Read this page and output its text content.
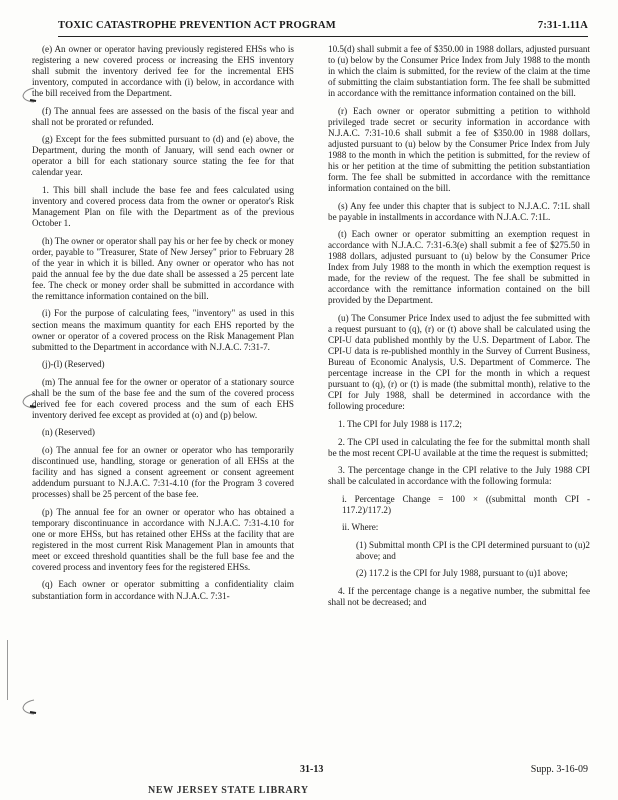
TOXIC CATASTROPHE PREVENTION ACT PROGRAM	7:31-1.11A

(e) An owner or operator having previously registered EHSs who is registering a new covered process or increasing the EHS inventory shall submit the inventory derived fee for the incremental EHS inventory, computed in accordance with (i) below, in accordance with the bill received from the Department.

(f) The annual fees are assessed on the basis of the fiscal year and shall not be prorated or refunded.

(g) Except for the fees submitted pursuant to (d) and (e) above, the Department, during the month of January, will send each owner or operator a bill for each stationary source stating the fee for that calendar year.

1. This bill shall include the base fee and fees calculated using inventory and covered process data from the owner or operator's Risk Management Plan on file with the Department as of the previous October 1.

(h) The owner or operator shall pay his or her fee by check or money order, payable to "Treasurer, State of New Jersey" prior to February 28 of the year in which it is billed. Any owner or operator who has not paid the annual fee by the due date shall be assessed a 25 percent late fee. The check or money order shall be submitted in accordance with the remittance information contained on the bill.

(i) For the purpose of calculating fees, "inventory" as used in this section means the maximum quantity for each EHS reported by the owner or operator of a covered process on the Risk Management Plan submitted to the Department in accordance with N.J.A.C. 7:31-7.

(j)-(l) (Reserved)

(m) The annual fee for the owner or operator of a stationary source shall be the sum of the base fee and the sum of the covered process derived fee for each covered process and the sum of each EHS inventory derived fee except as provided at (o) and (p) below.

(n) (Reserved)

(o) The annual fee for an owner or operator who has temporarily discontinued use, handling, storage or generation of all EHSs at the facility and has signed a consent agreement or consent agreement addendum pursuant to N.J.A.C. 7:31-4.10 (for the Program 3 covered processes) shall be 25 percent of the base fee.

(p) The annual fee for an owner or operator who has obtained a temporary discontinuance in accordance with N.J.A.C. 7:31-4.10 for one or more EHSs, but has retained other EHSs at the facility that are registered in the most current Risk Management Plan in amounts that meet or exceed threshold quantities shall be the full base fee and the covered process and inventory fees for the registered EHSs.

(q) Each owner or operator submitting a confidentiality claim substantiation form in accordance with N.J.A.C. 7:31-

10.5(d) shall submit a fee of $350.00 in 1988 dollars, adjusted pursuant to (u) below by the Consumer Price Index from July 1988 to the month in which the claim is submitted, for the review of the claim at the time of submitting the claim substantiation form. The fee shall be submitted in accordance with the remittance information contained on the bill.

(r) Each owner or operator submitting a petition to withhold privileged trade secret or security information in accordance with N.J.A.C. 7:31-10.6 shall submit a fee of $350.00 in 1988 dollars, adjusted pursuant to (u) below by the Consumer Price Index from July 1988 to the month in which the petition is submitted, for the review of his or her petition at the time of submitting the petition substantiation form. The fee shall be submitted in accordance with the remittance information contained on the bill.

(s) Any fee under this chapter that is subject to N.J.A.C. 7:1L shall be payable in installments in accordance with N.J.A.C. 7:1L.

(t) Each owner or operator submitting an exemption request in accordance with N.J.A.C. 7:31-6.3(e) shall submit a fee of $275.50 in 1988 dollars, adjusted pursuant to (u) below by the Consumer Price Index from July 1988 to the month in which the exemption request is made, for the review of the request. The fee shall be submitted in accordance with the remittance information contained on the bill provided by the Department.

(u) The Consumer Price Index used to adjust the fee submitted with a request pursuant to (q), (r) or (t) above shall be calculated using the CPI-U data published monthly by the U.S. Department of Labor. The CPI-U data is re-published monthly in the Survey of Current Business, Bureau of Economic Analysis, U.S. Department of Commerce. The percentage increase in the CPI for the month in which a request pursuant to (q), (r) or (t) is made (the submittal month), relative to the CPI for July 1988, shall be determined in accordance with the following procedure:

1. The CPI for July 1988 is 117.2;

2. The CPI used in calculating the fee for the submittal month shall be the most recent CPI-U available at the time the request is submitted;

3. The percentage change in the CPI relative to the July 1988 CPI shall be calculated in accordance with the following formula:

i. Percentage Change = 100 × ((submittal month CPI - 117.2)/117.2)

ii. Where:

(1) Submittal month CPI is the CPI determined pursuant to (u)2 above; and

(2) 117.2 is the CPI for July 1988, pursuant to (u)1 above;

4. If the percentage change is a negative number, the submittal fee shall not be decreased; and

31-13	Supp. 3-16-09
NEW JERSEY STATE LIBRARY
